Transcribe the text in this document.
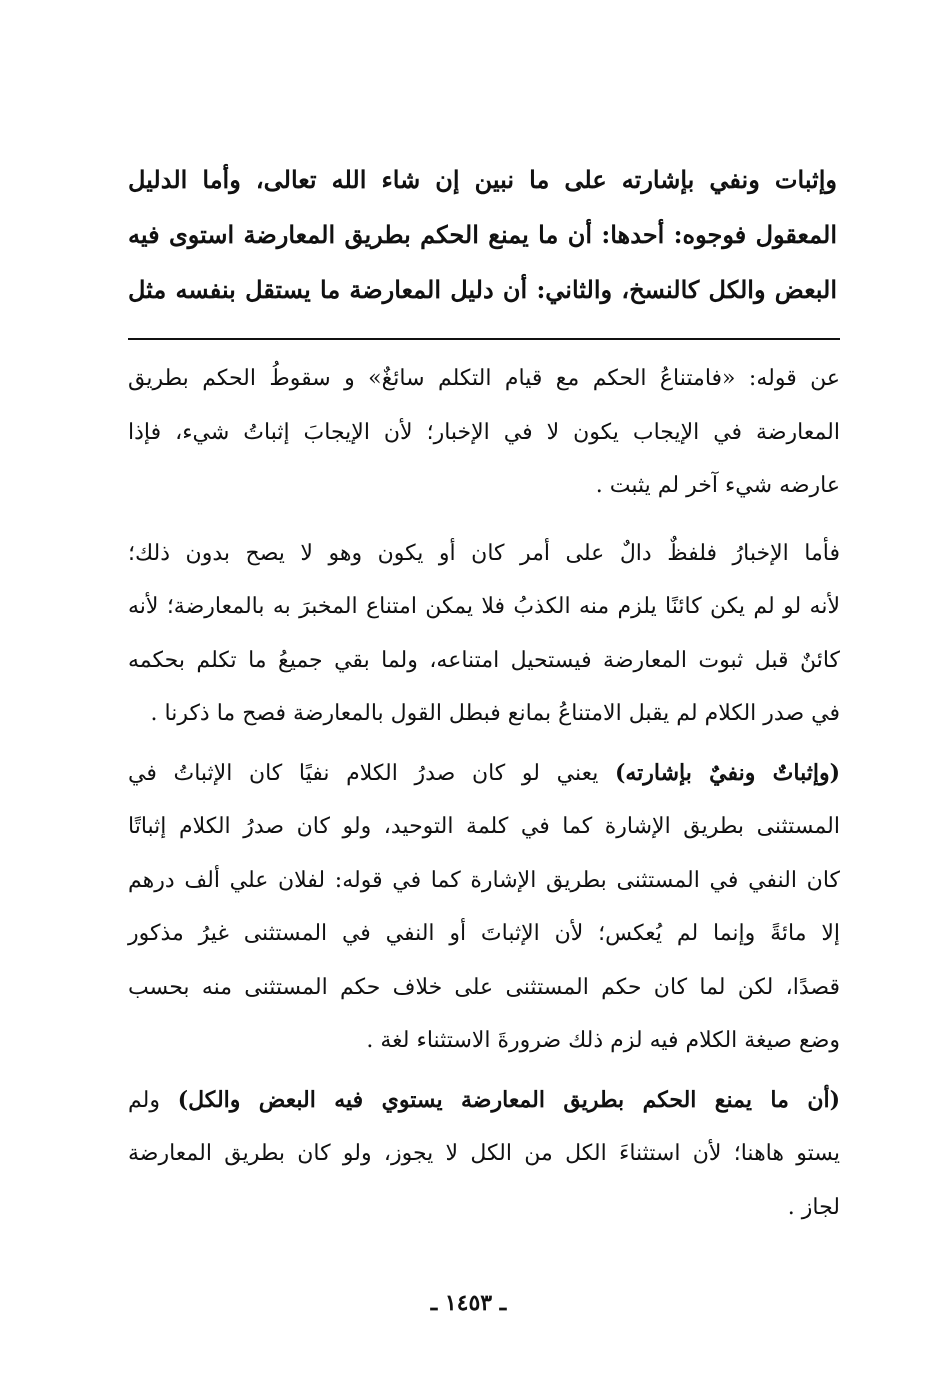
وإثبات ونفي بإشارته على ما نبين إن شاء الله تعالى، وأما الدليل

المعقول فوجوه: أحدها: أن ما يمنع الحكم بطريق المعارضة استوى فيه

البعض والكل كالنسخ، والثاني: أن دليل المعارضة ما يستقل بنفسه مثل

عن قوله: «فامتناعُ الحكم مع قيام التكلم سائغٌ» و سقوطُ الحكم بطريق

المعارضة في الإيجاب يكون لا في الإخبار؛ لأن الإيجابَ إثباتُ شيء، فإذا

عارضه شيء آخر لم يثبت .

فأما الإخبارُ فلفظٌ دالٌ على أمر كان أو يكون وهو لا يصح بدون ذلك؛

لأنه لو لم يكن كائنًا يلزم منه الكذبُ فلا يمكن امتناع المخبرَ به بالمعارضة؛ لأنه

كائنٌ قبل ثبوت المعارضة فيستحيل امتناعه، ولما بقي جميعُ ما تكلم بحكمه

في صدر الكلام لم يقبل الامتناعُ بمانع فبطل القول بالمعارضة فصح ما ذكرنا .

(وإثباتٌ ونفيٌ بإشارته) يعني لو كان صدرُ الكلام نفيًا كان الإثباتُ في

المستثنى بطريق الإشارة كما في كلمة التوحيد، ولو كان صدرُ الكلام إثباتًا

كان النفي في المستثنى بطريق الإشارة كما في قوله: لفلان علي ألف درهم

إلا مائةً وإنما لم يُعكس؛ لأن الإثباتَ أو النفي في المستثنى غيرُ مذكور

قصدًا، لكن لما كان حكم المستثنى على خلاف حكم المستثنى منه بحسب

وضع صيغة الكلام فيه لزم ذلك ضرورةَ الاستثناء لغة .

(أن ما يمنع الحكم بطريق المعارضة يستوي فيه البعض والكل) ولم

يستو هاهنا؛ لأن استثناءَ الكل من الكل لا يجوز، ولو كان بطريق المعارضة

لجاز .

ـ ١٤٥٣ ـ
